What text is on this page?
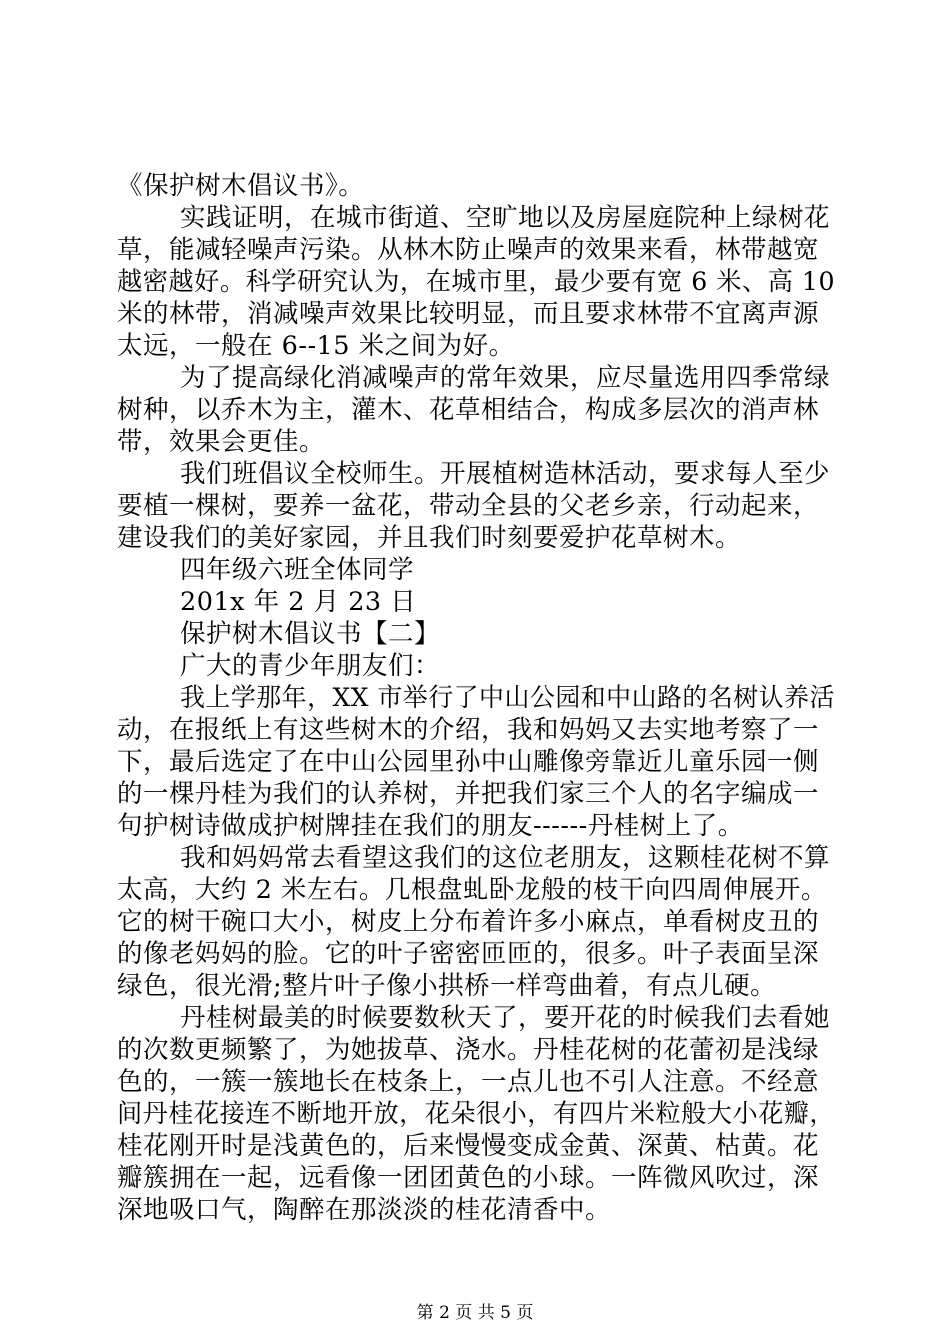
《保护树木倡议书》。
实践证明，在城市街道、空旷地以及房屋庭院种上绿树花
草，能减轻噪声污染。从林木防止噪声的效果来看，林带越宽
越密越好。科学研究认为，在城市里，最少要有宽 6 米、高 10
米的林带，消减噪声效果比较明显，而且要求林带不宜离声源
太远，一般在 6--15 米之间为好。
为了提高绿化消减噪声的常年效果，应尽量选用四季常绿
树种，以乔木为主，灌木、花草相结合，构成多层次的消声林
带，效果会更佳。
我们班倡议全校师生。开展植树造林活动，要求每人至少
要植一棵树，要养一盆花，带动全县的父老乡亲，行动起来，
建设我们的美好家园，并且我们时刻要爱护花草树木。
四年级六班全体同学
201x 年 2 月 23 日
保护树木倡议书【二】
广大的青少年朋友们：
我上学那年，XX 市举行了中山公园和中山路的名树认养活
动，在报纸上有这些树木的介绍，我和妈妈又去实地考察了一
下，最后选定了在中山公园里孙中山雕像旁靠近儿童乐园一侧
的一棵丹桂为我们的认养树，并把我们家三个人的名字编成一
句护树诗做成护树牌挂在我们的朋友------丹桂树上了。
我和妈妈常去看望这我们的这位老朋友，这颗桂花树不算
太高，大约 2 米左右。几根盘虬卧龙般的枝干向四周伸展开。
它的树干碗口大小，树皮上分布着许多小麻点，单看树皮丑的
的像老妈妈的脸。它的叶子密密匝匝的，很多。叶子表面呈深
绿色，很光滑;整片叶子像小拱桥一样弯曲着，有点儿硬。
丹桂树最美的时候要数秋天了，要开花的时候我们去看她
的次数更频繁了，为她拔草、浇水。丹桂花树的花蕾初是浅绿
色的，一簇一簇地长在枝条上，一点儿也不引人注意。不经意
间丹桂花接连不断地开放，花朵很小，有四片米粒般大小花瓣，
桂花刚开时是浅黄色的，后来慢慢变成金黄、深黄、枯黄。花
瓣簇拥在一起，远看像一团团黄色的小球。一阵微风吹过，深
深地吸口气，陶醉在那淡淡的桂花清香中。
第 2 页 共 5 页
